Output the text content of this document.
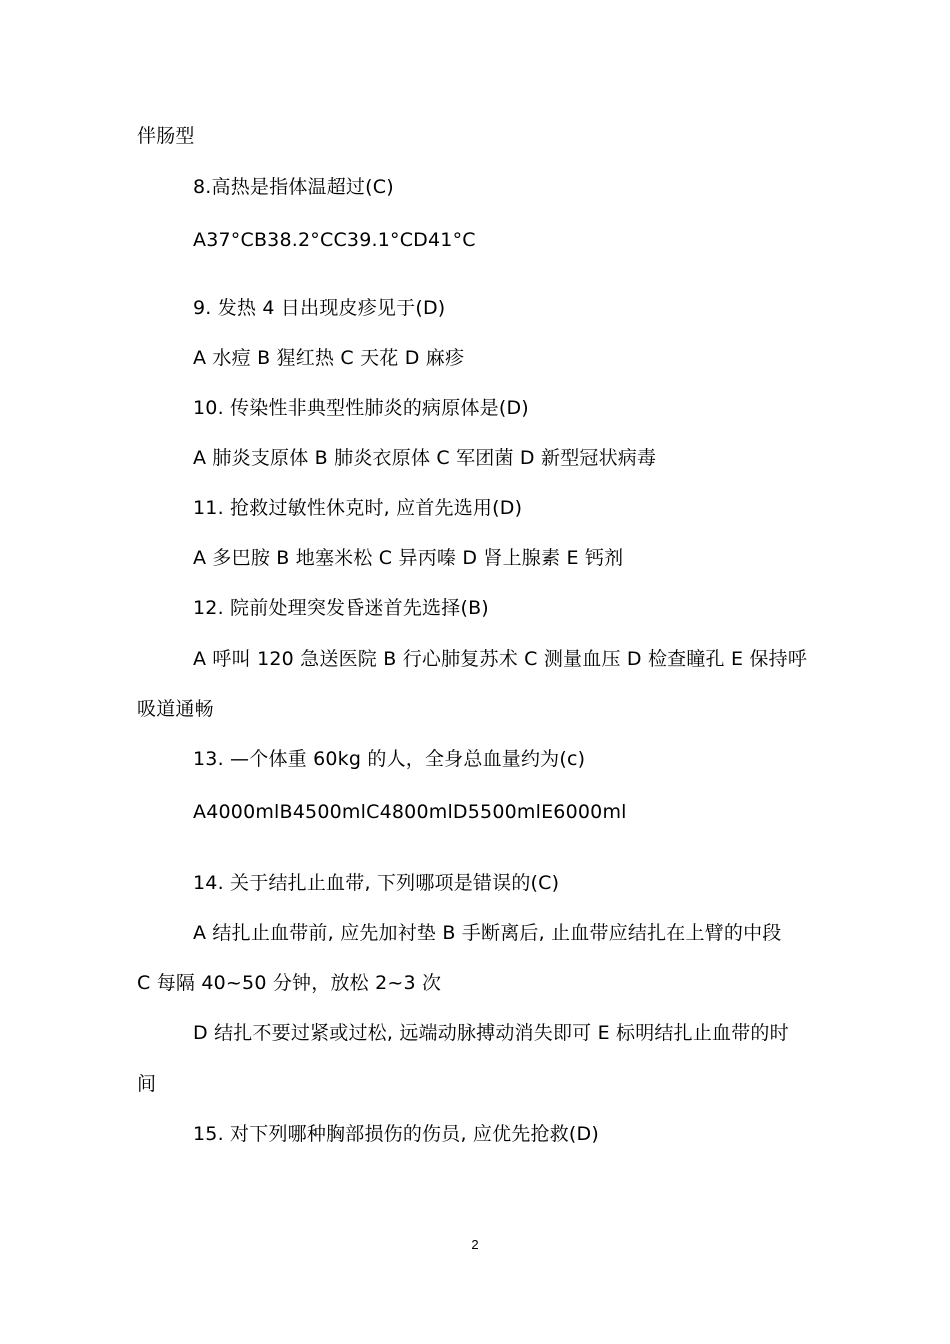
伴肠型
8.高热是指体温超过(C)
A37°CB38.2°CC39.1°CD41°C
9. 发热 4 日出现皮疹见于(D)
A 水痘 B 猩红热 C 天花 D 麻疹
10. 传染性非典型性肺炎的病原体是(D)
A 肺炎支原体 B 肺炎衣原体 C 军团菌 D 新型冠状病毒
11. 抢救过敏性休克时, 应首先选用(D)
A 多巴胺 B 地塞米松 C 异丙嗪 D 肾上腺素 E 钙剂
12. 院前处理突发昏迷首先选择(B)
A 呼叫 120 急送医院 B 行心肺复苏术 C 测量血压 D 检查瞳孔 E 保持呼
吸道通畅
13. —个体重 60kg 的人，全身总血量约为(c)
A4000mlB4500mlC4800mlD5500mlE6000ml
14. 关于结扎止血带, 下列哪项是错误的(C)
A 结扎止血带前, 应先加衬垫 B 手断离后, 止血带应结扎在上臂的中段
C 每隔 40~50 分钟，放松 2~3 次
D 结扎不要过紧或过松, 远端动脉搏动消失即可 E 标明结扎止血带的时
间
15. 对下列哪种胸部损伤的伤员, 应优先抢救(D)
2
